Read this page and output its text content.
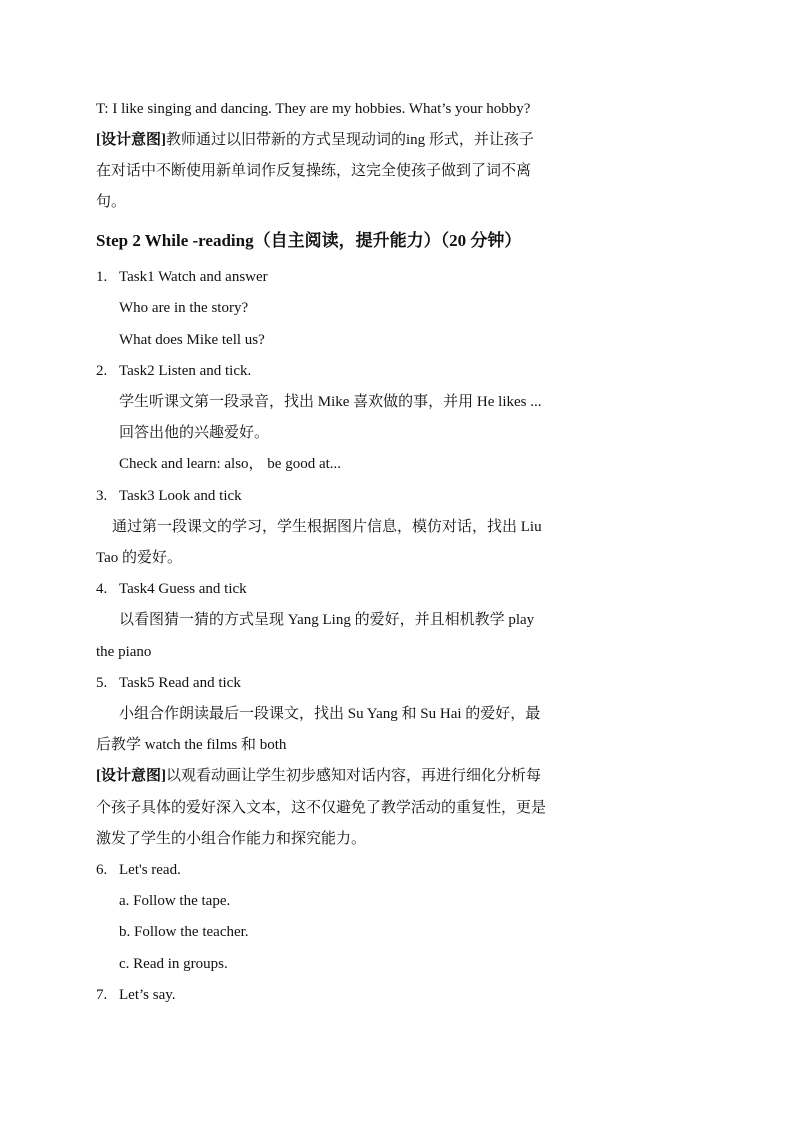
T: I like singing and dancing. They are my hobbies. What’s your hobby?
[设计意图]教师通过以旧带新的方式呈现动词的ing 形式，并让孩子
在对话中不断使用新单词作反复操练，这完全使孩子做到了词不离
句。
Step 2 While -reading（自主阅读，提升能力）（20 分钟）
1. Task1 Watch and answer
Who are in the story?
What does Mike tell us?
2. Task2 Listen and tick.
学生听课文第一段录音，找出 Mike 喜欢做的事，并用 He likes ...
回答出他的兴趣爱好。
Check and learn: also， be good at...
3. Task3 Look and tick
通过第一段课文的学习，学生根据图片信息，模仿对话，找出 Liu
Tao 的爱好。
4. Task4 Guess and tick
以看图猜一猜的方式呈现 Yang Ling 的爱好，并且相机教学 play
the piano
5. Task5 Read and tick
小组合作朗读最后一段课文，找出 Su Yang 和 Su Hai 的爱好，最
后教学 watch the films 和 both
[设计意图]以观看动画让学生初步感知对话内容，再进行细化分析每
个孩子具体的爱好深入文本，这不仅避免了教学活动的重复性，更是
激发了学生的小组合作能力和探究能力。
6. Let's read.
a. Follow the tape.
b. Follow the teacher.
c. Read in groups.
7. Let’s say.
